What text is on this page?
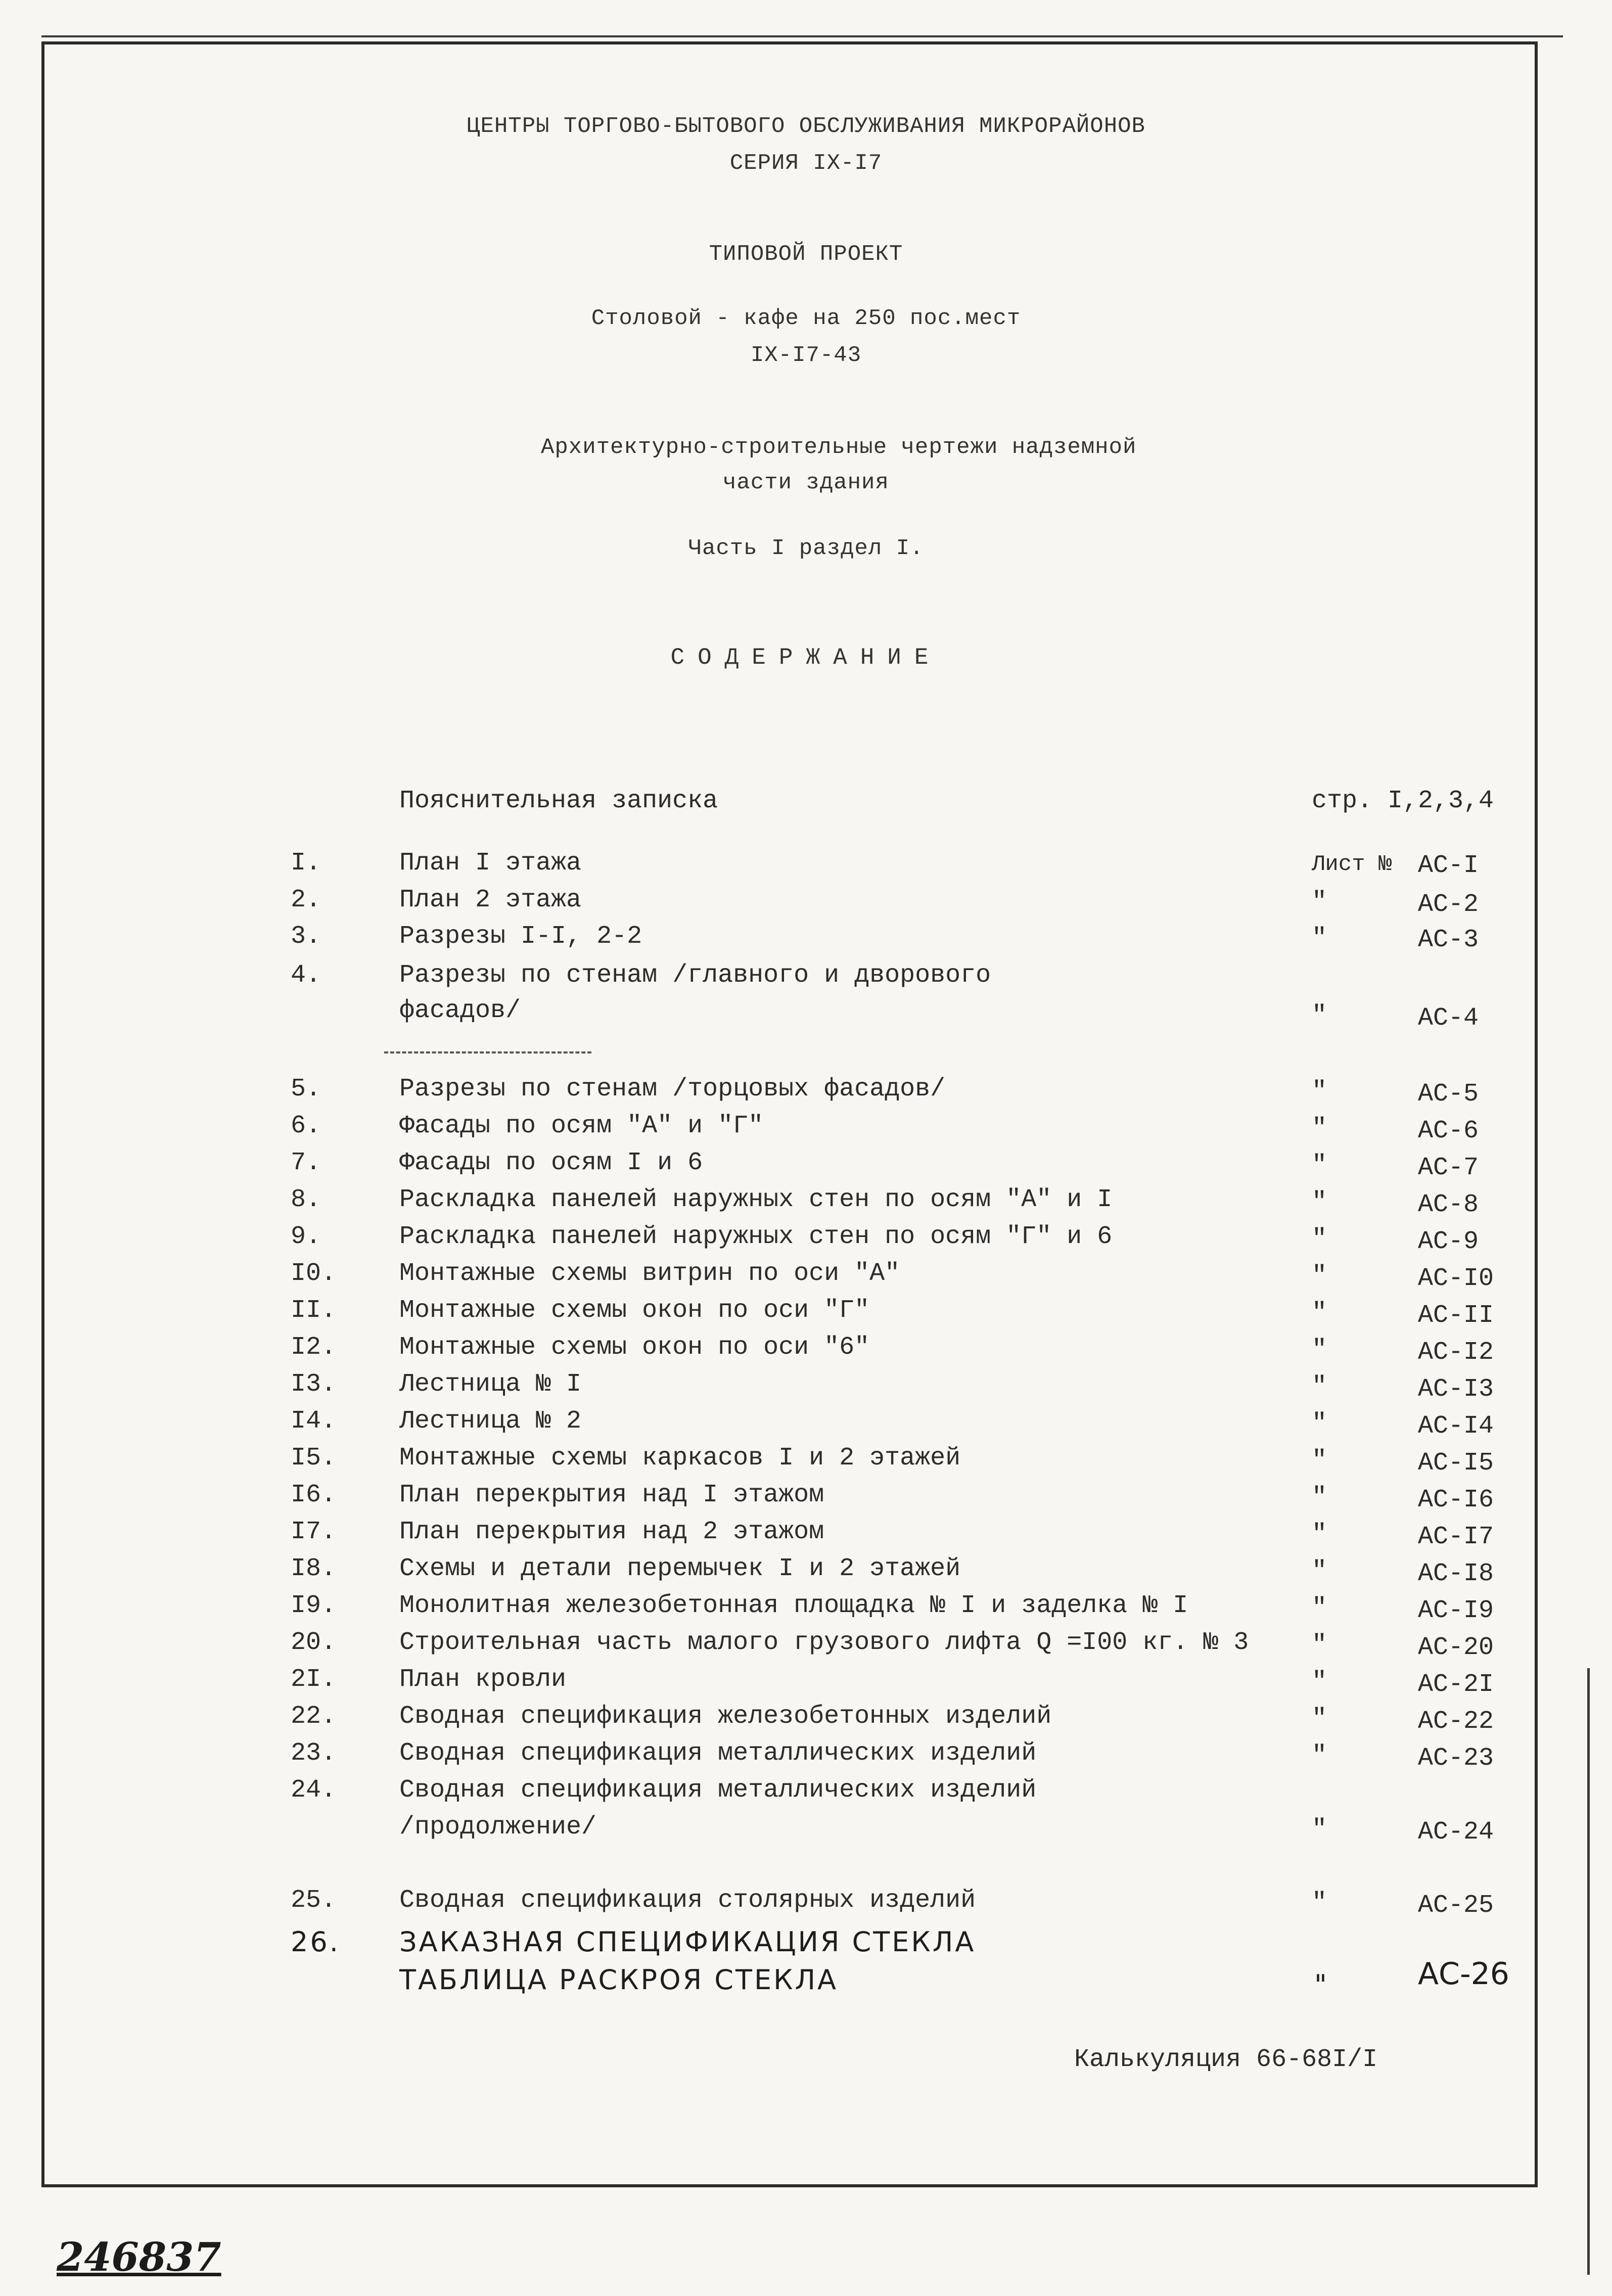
ЦЕНТРЫ ТОРГОВО-БЫТОВОГО ОБСЛУЖИВАНИЯ МИКРОРАЙОНОВ
СЕРИЯ IХ-I7
ТИПОВОЙ ПРОЕКТ
Столовой - кафе на 250 пос.мест
IХ-I7-43
Архитектурно-строительные чертежи надземной
части здания
Часть I раздел I.
СОДЕРЖАНИЕ
Пояснительная записка	стр. I,2,3,4
I.	План I этажа	Лист № АС-I
2.	План 2 этажа	"	АС-2
3.	Разрезы I-I, 2-2	"	АС-3
4.	Разрезы по стенам /главного и дворового
фасадов/	"	АС-4
5.	Разрезы по стенам /торцовых фасадов/	"	АС-5
6.	Фасады по осям "А" и "Г"	"	АС-6
7.	Фасады по осям I и 6	"	АС-7
8.	Раскладка панелей наружных стен по осям "А" и I	"	АС-8
9.	Раскладка панелей наружных стен по осям "Г" и 6	"	АС-9
I0. Монтажные схемы витрин по оси "А"	"	АС-I0
II. Монтажные схемы окон по оси "Г"	"	АС-II
I2. Монтажные схемы окон по оси "6"	"	АС-I2
I3. Лестница № I	"	АС-I3
I4. Лестница № 2	"	АС-I4
I5. Монтажные схемы каркасов I и 2 этажей	"	АС-I5
I6. План перекрытия над I этажом	"	АС-I6
I7. План перекрытия над 2 этажом	"	АС-I7
I8. Схемы и детали перемычек I и 2 этажей	"	АС-I8
I9. Монолитная железобетонная площадка № I и заделка № I	"	АС-I9
20. Строительная часть малого грузового лифта Q =I00 кг. № 3 "	АС-20
2I. План кровли	"	АС-2I
22. Сводная спецификация железобетонных изделий	"	АС-22
23. Сводная спецификация металлических изделий	"	АС-23
24. Сводная спецификация металлических изделий
/продолжение/	"	АС-24
25. Сводная спецификация столярных изделий	"	АС-25
26. ЗАКАЗНАЯ СПЕЦИФИКАЦИЯ СТЕКЛА
ТАБЛИЦА РАСКРОЯ СТЕКЛА	"	АС-26
Калькуляция 66-68I/I
246837
